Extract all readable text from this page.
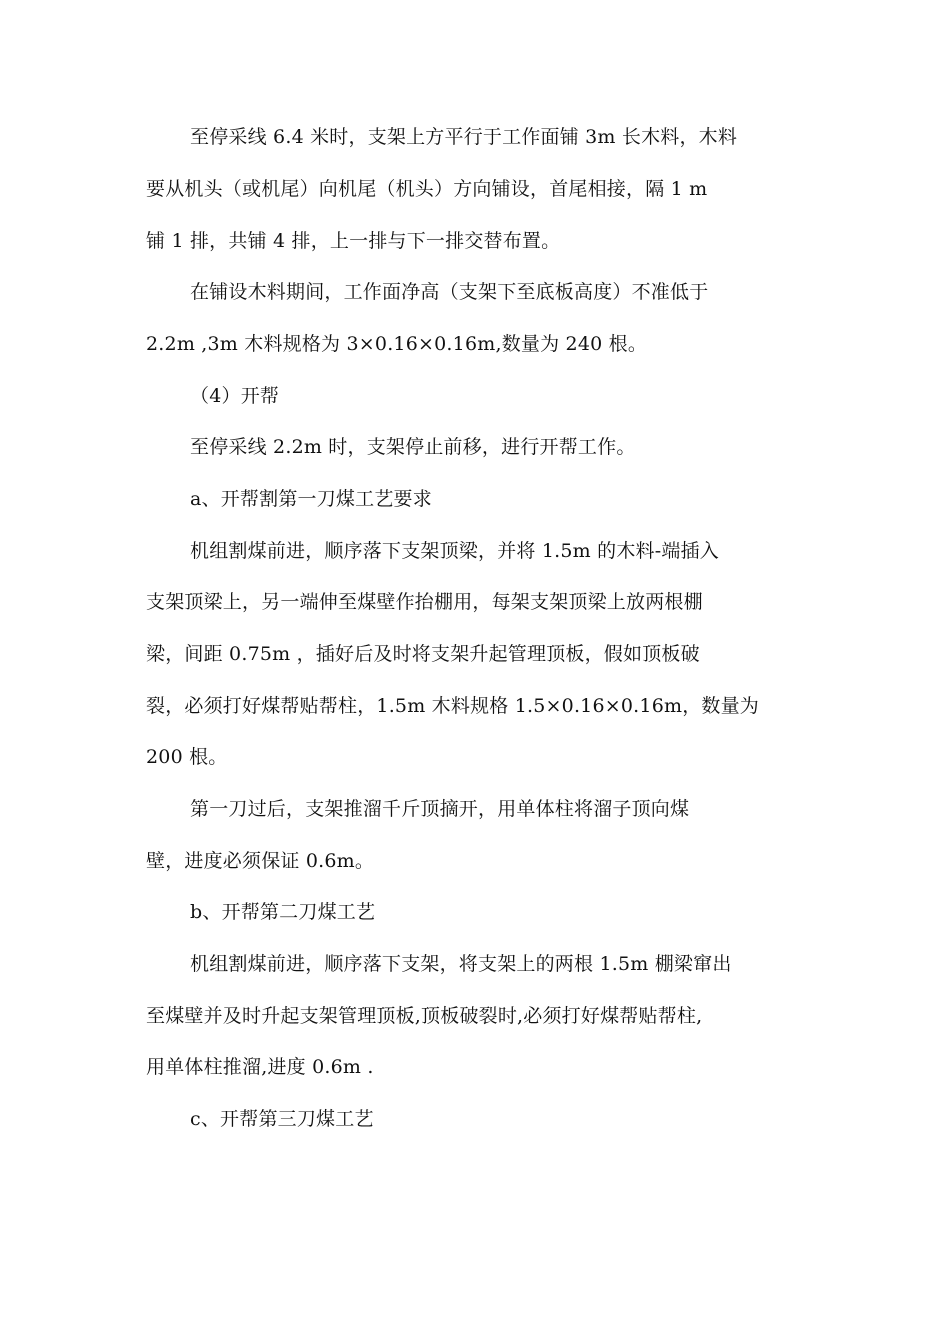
至停采线 6.4 米时，支架上方平行于工作面铺 3m 长木料，木料
要从机头（或机尾）向机尾（机头）方向铺设，首尾相接，隔 1 m
铺 1 排，共铺 4 排，上一排与下一排交替布置。
在铺设木料期间，工作面净高（支架下至底板高度）不准低于
2.2m ,3m 木料规格为 3×0.16×0.16m,数量为 240 根。
（4）开帮
至停采线 2.2m 时，支架停止前移，进行开帮工作。
a、开帮割第一刀煤工艺要求
机组割煤前进，顺序落下支架顶梁，并将 1.5m 的木料-端插入
支架顶梁上，另一端伸至煤壁作抬棚用，每架支架顶梁上放两根棚
梁，间距 0.75m ，插好后及时将支架升起管理顶板，假如顶板破
裂，必须打好煤帮贴帮柱，1.5m 木料规格 1.5×0.16×0.16m，数量为
200 根。
第一刀过后，支架推溜千斤顶摘开，用单体柱将溜子顶向煤
壁，进度必须保证 0.6m。
b、开帮第二刀煤工艺
机组割煤前进，顺序落下支架，将支架上的两根 1.5m 棚梁窜出
至煤壁并及时升起支架管理顶板,顶板破裂时,必须打好煤帮贴帮柱,
用单体柱推溜,进度 0.6m .
c、开帮第三刀煤工艺
